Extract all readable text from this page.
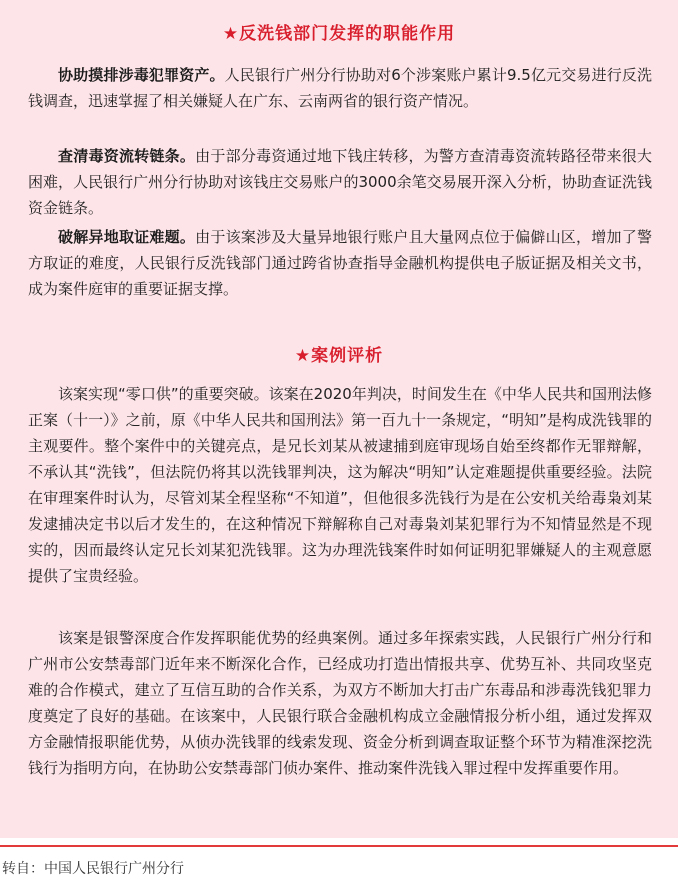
★反洗钱部门发挥的职能作用

协助摸排涉毒犯罪资产。人民银行广州分行协助对6个涉案账户累计9.5亿元交易进行反洗钱调查，迅速掌握了相关嫌疑人在广东、云南两省的银行资产情况。

查清毒资流转链条。由于部分毒资通过地下钱庄转移，为警方查清毒资流转路径带来很大困难，人民银行广州分行协助对该钱庄交易账户的3000余笔交易展开深入分析，协助查证洗钱资金链条。

破解异地取证难题。由于该案涉及大量异地银行账户且大量网点位于偏僻山区，增加了警方取证的难度，人民银行反洗钱部门通过跨省协查指导金融机构提供电子版证据及相关文书，成为案件庭审的重要证据支撑。

★案例评析

该案实现“零口供”的重要突破。该案在2020年判决，时间发生在《中华人民共和国刑法修正案（十一）》之前，原《中华人民共和国刑法》第一百九十一条规定，“明知”是构成洗钱罪的主观要件。整个案件中的关键亮点，是兄长刘某从被逮捕到庭审现场自始至终都作无罪辩解，不承认其“洗钱”，但法院仍将其以洗钱罪判决，这为解决“明知”认定难题提供重要经验。法院在审理案件时认为，尽管刘某全程坚称“不知道”，但他很多洗钱行为是在公安机关给毒枭刘某发逮捕决定书以后才发生的，在这种情况下辩解称自己对毒枭刘某犯罪行为不知情显然是不现实的，因而最终认定兄长刘某犯洗钱罪。这为办理洗钱案件时如何证明犯罪嫌疑人的主观意愿提供了宝贵经验。

该案是银警深度合作发挥职能优势的经典案例。通过多年探索实践，人民银行广州分行和广州市公安禁毒部门近年来不断深化合作，已经成功打造出情报共享、优势互补、共同攻坚克难的合作模式，建立了互信互助的合作关系，为双方不断加大打击广东毒品和涉毒洗钱犯罪力度奠定了良好的基础。在该案中，人民银行联合金融机构成立金融情报分析小组，通过发挥双方金融情报职能优势，从侦办洗钱罪的线索发现、资金分析到调查取证整个环节为精准深挖洗钱行为指明方向，在协助公安禁毒部门侦办案件、推动案件洗钱入罪过程中发挥重要作用。

转自：中国人民银行广州分行
